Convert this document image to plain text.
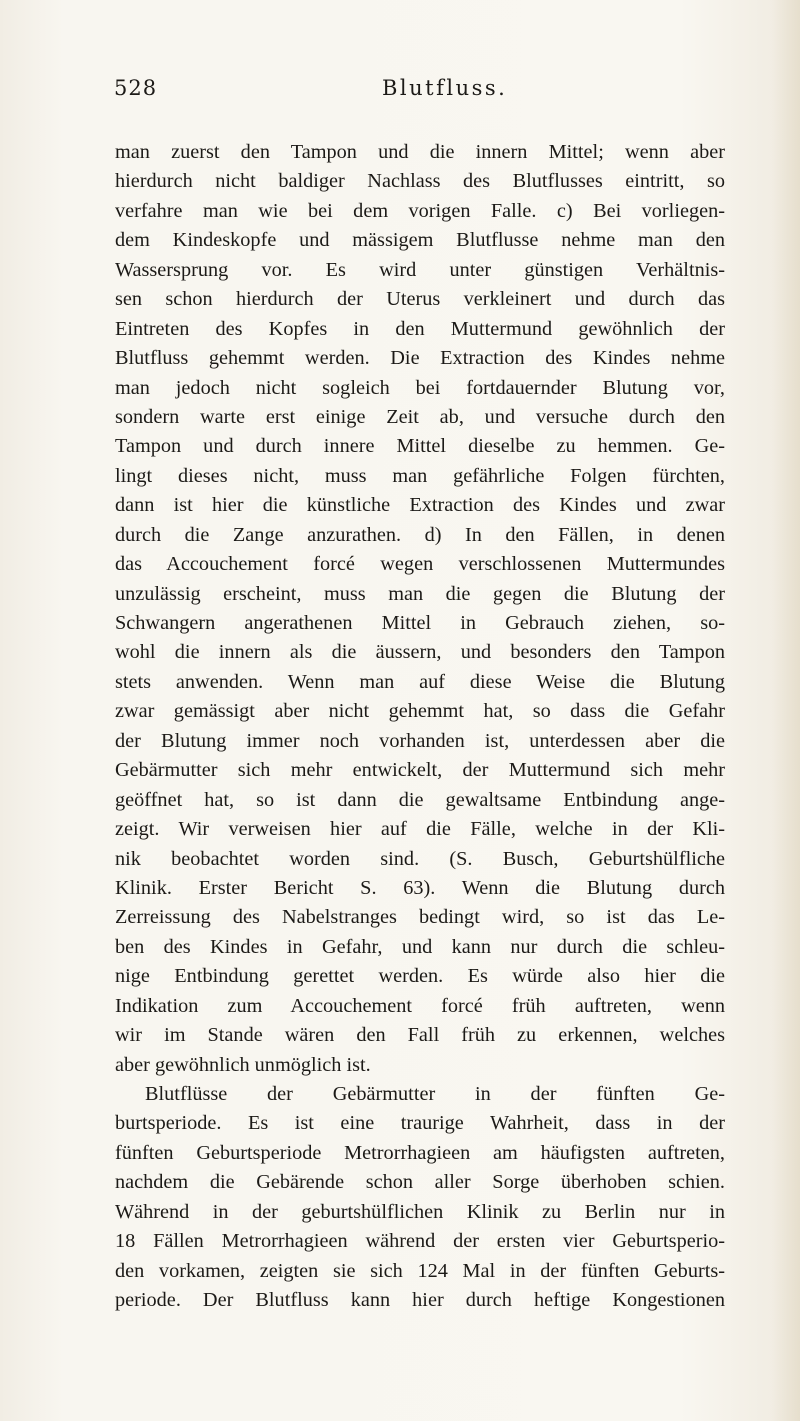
528	Blutfluss.
man zuerst den Tampon und die innern Mittel; wenn aber
hierdurch nicht baldiger Nachlass des Blutflusses eintritt, so
verfahre man wie bei dem vorigen Falle. c) Bei vorliegen-
dem Kindeskopfe und mässigem Blutflusse nehme man den
Wassersprung vor. Es wird unter günstigen Verhältnis-
sen schon hierdurch der Uterus verkleinert und durch das
Eintreten des Kopfes in den Muttermund gewöhnlich der
Blutfluss gehemmt werden. Die Extraction des Kindes nehme
man jedoch nicht sogleich bei fortdauernder Blutung vor,
sondern warte erst einige Zeit ab, und versuche durch den
Tampon und durch innere Mittel dieselbe zu hemmen. Ge-
lingt dieses nicht, muss man gefährliche Folgen fürchten,
dann ist hier die künstliche Extraction des Kindes und zwar
durch die Zange anzurathen. d) In den Fällen, in denen
das Accouchement forcé wegen verschlossenen Muttermundes
unzulässig erscheint, muss man die gegen die Blutung der
Schwangern angerathenen Mittel in Gebrauch ziehen, so-
wohl die innern als die äussern, und besonders den Tampon
stets anwenden. Wenn man auf diese Weise die Blutung
zwar gemässigt aber nicht gehemmt hat, so dass die Gefahr
der Blutung immer noch vorhanden ist, unterdessen aber die
Gebärmutter sich mehr entwickelt, der Muttermund sich mehr
geöffnet hat, so ist dann die gewaltsame Entbindung ange-
zeigt. Wir verweisen hier auf die Fälle, welche in der Kli-
nik beobachtet worden sind. (S. Busch, Geburtshülfliche
Klinik. Erster Bericht S. 63). Wenn die Blutung durch
Zerreissung des Nabelstranges bedingt wird, so ist das Le-
ben des Kindes in Gefahr, und kann nur durch die schleu-
nige Entbindung gerettet werden. Es würde also hier die
Indikation zum Accouchement forcé früh auftreten, wenn
wir im Stande wären den Fall früh zu erkennen, welches
aber gewöhnlich unmöglich ist.
Blutflüsse der Gebärmutter in der fünften Ge-
burtsperiode. Es ist eine traurige Wahrheit, dass in der
fünften Geburtsperiode Metrorrhagieen am häufigsten auftreten,
nachdem die Gebärende schon aller Sorge überhoben schien.
Während in der geburtshülflichen Klinik zu Berlin nur in
18 Fällen Metrorrhagieen während der ersten vier Geburtsperio-
den vorkamen, zeigten sie sich 124 Mal in der fünften Geburts-
periode. Der Blutfluss kann hier durch heftige Kongestionen
